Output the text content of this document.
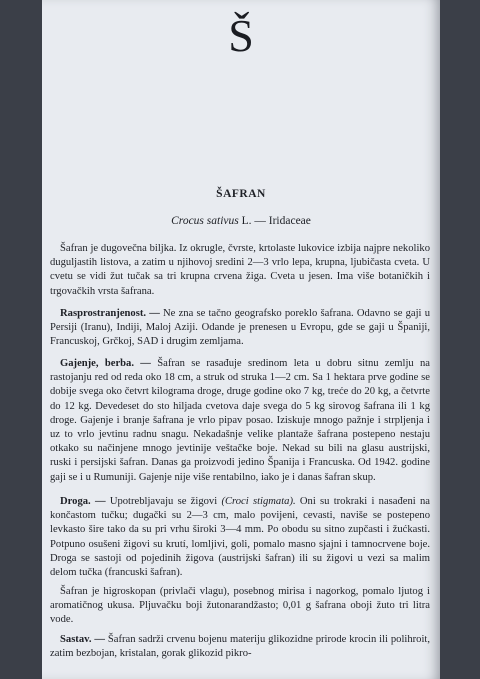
Š
ŠAFRAN
Crocus sativus L. — Iridaceae
Šafran je dugovečna biljka. Iz okrugle, čvrste, krtolaste lukovice izbija najpre nekoliko duguljastih listova, a zatim u njihovoj sredini 2—3 vrlo lepa, krupna, ljubičasta cveta. U cvetu se vidi žut tučak sa tri krupna crvena žiga. Cveta u jesen. Ima više botaničkih i trgovačkih vrsta šafrana.
Rasprostranjenost. — Ne zna se tačno geografsko poreklo šafrana. Odavno se gaji u Persiji (Iranu), Indiji, Maloj Aziji. Odande je prenesen u Evropu, gde se gaji u Španiji, Francuskoj, Grčkoj, SAD i drugim zemljama.
Gajenje, berba. — Šafran se rasađuje sredinom leta u dobru sitnu zemlju na rastojanju red od reda oko 18 cm, a struk od struka 1—2 cm. Sa 1 hektara prve godine se dobije svega oko četvrt kilograma droge, druge godine oko 7 kg, treće do 20 kg, a četvrte do 12 kg. Devedeset do sto hiljada cvetova daje svega do 5 kg sirovog šafrana ili 1 kg droge. Gajenje i branje šafrana je vrlo pipav posao. Iziskuje mnogo pažnje i strpljenja i uz to vrlo jevtinu radnu snagu. Nekadašnje velike plantaže šafrana postepeno nestaju otkako su načinjene mnogo jevtinije veštačke boje. Nekad su bili na glasu austrijski, ruski i persijski šafran. Danas ga proizvodi jedino Španija i Francuska. Od 1942. godine gaji se i u Rumuniji. Gajenje nije više rentabilno, iako je i danas šafran skup.
Droga. — Upotrebljavaju se žigovi (Croci stigmata). Oni su trokraki i nasađeni na končastom tučku; dugački su 2—3 cm, malo povijeni, cevasti, naviše se postepeno levkasto šire tako da su pri vrhu široki 3—4 mm. Po obodu su sitno zupčasti i žućkasti. Potpuno osušeni žigovi su krutí, lomljivi, goli, pomalo masno sjajni i tamnocrvene boje. Droga se sastoji od pojedinih žigova (austrijski šafran) ili su žigovi u vezi sa malim delom tučka (francuski šafran).
Šafran je higroskopan (privlači vlagu), posebnog mirisa i nagorkog, pomalo ljutog i aromatičnog ukusa. Pljuvačku boji žutonarandžasto; 0,01 g šafrana oboji žuto tri litra vode.
Sastav. — Šafran sadrži crvenu bojenu materiju glikozidne prirode krocin ili polihroit, zatim bezbojan, kristalan, gorak glikozid pikro-
